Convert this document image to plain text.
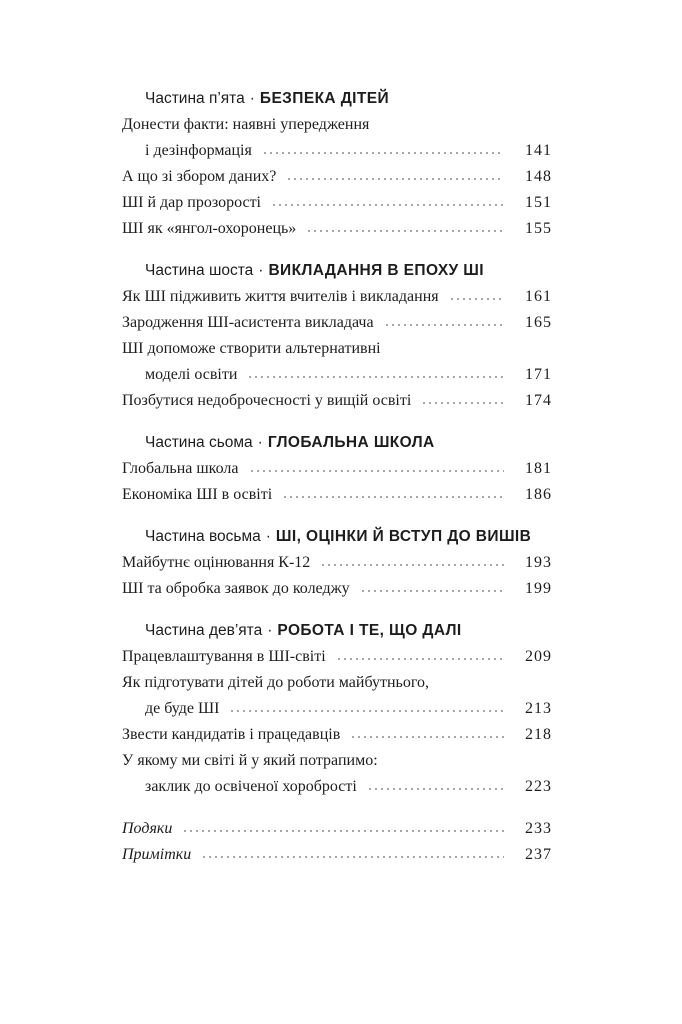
Частина п’ята · БЕЗПЕКА ДІТЕЙ
Донести факти: наявні упередження
і дезінформація	141
А що зі збором даних?	148
ШІ й дар прозорості	151
ШІ як «янгол-охоронець»	155
Частина шоста · ВИКЛАДАННЯ В ЕПОХУ ШІ
Як ШІ підживить життя вчителів і викладання	161
Зародження ШІ-асистента викладача	165
ШІ допоможе створити альтернативні
моделі освіти	171
Позбутися недоброчесності у вищій освіті	174
Частина сьома · ГЛОБАЛЬНА ШКОЛА
Глобальна школа	181
Економіка ШІ в освіті	186
Частина восьма · ШІ, ОЦІНКИ Й ВСТУП ДО ВИШІВ
Майбутнє оцінювання К-12	193
ШІ та обробка заявок до коледжу	199
Частина дев’ята · РОБОТА І ТЕ, ЩО ДАЛІ
Працевлаштування в ШІ-світі	209
Як підготувати дітей до роботи майбутнього,
де буде ШІ	213
Звести кандидатів і працедавців	218
У якому ми світі й у який потрапимо:
заклик до освіченої хоробрості	223
Подяки	233
Примітки	237
